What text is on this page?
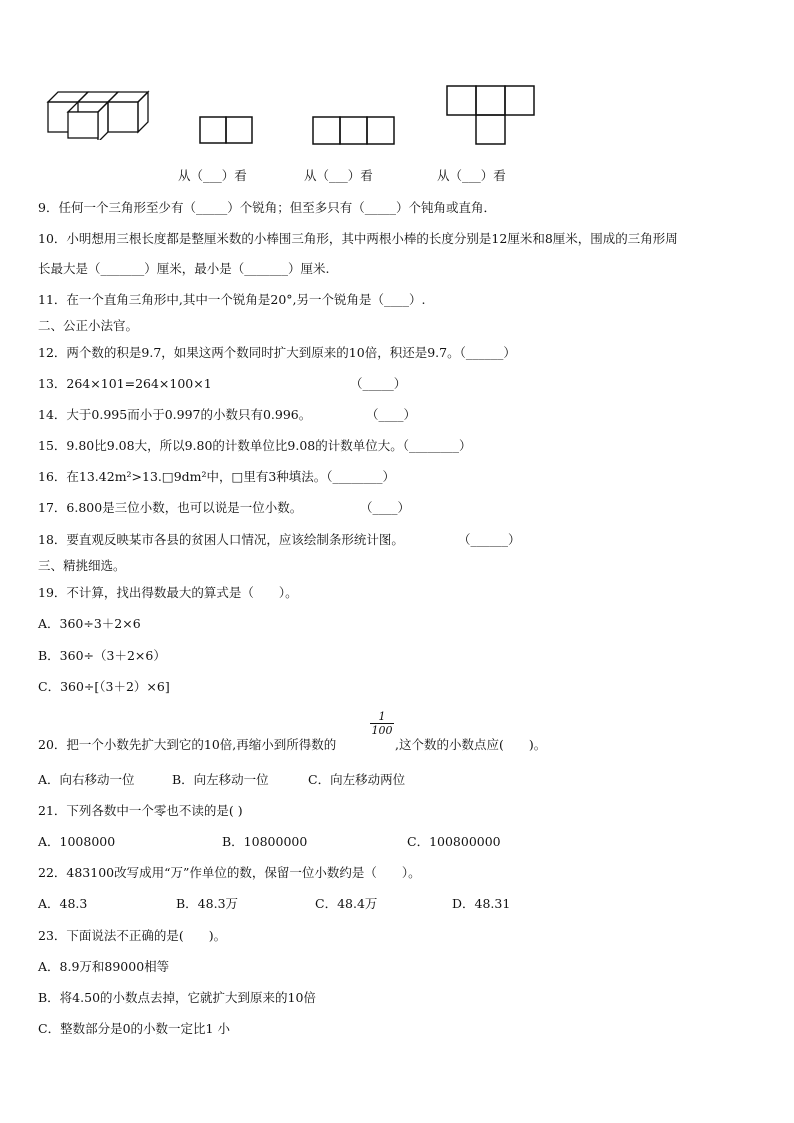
从（___）看	从（___）看	从（___）看
9．任何一个三角形至少有（_____）个锐角；但至多只有（_____）个钝角或直角．
10．小明想用三根长度都是整厘米数的小棒围三角形，其中两根小棒的长度分别是12厘米和8厘米，围成的三角形周
长最大是（_______）厘米，最小是（_______）厘米.
11．在一个直角三角形中,其中一个锐角是20°,另一个锐角是（____）.
二、公正小法官。
12．两个数的积是9.7，如果这两个数同时扩大到原来的10倍，积还是9.7。（______）
13．264×101=264×100×1	（_____）
14．大于0.995而小于0.997的小数只有0.996。	（____）
15．9.80比9.08大，所以9.80的计数单位比9.08的计数单位大。（________）
16．在13.42m²>13.□9dm²中，□里有3种填法。（________）
17．6.800是三位小数，也可以说是一位小数。	（____）
18．要直观反映某市各县的贫困人口情况，应该绘制条形统计图。	（______）
三、精挑细选。
19．不计算，找出得数最大的算式是（　　）。
A．360÷3＋2×6
B．360÷（3＋2×6）
C．360÷[（3＋2）×6]
20．把一个小数先扩大到它的10倍,再缩小到所得数的
$\frac{1}{100}$
,这个数的小数点应(　　)。
A．向右移动一位	B．向左移动一位	C．向左移动两位
21．下列各数中一个零也不读的是( )
A．1008000	B．10800000	C．100800000
22．483100改写成用“万”作单位的数，保留一位小数约是（　　）。
A．48.3	B．48.3万	C．48.4万	D．48.31
23．下面说法不正确的是(　　)。
A．8.9万和89000相等
B．将4.50的小数点去掉，它就扩大到原来的10倍
C．整数部分是0的小数一定比1 小
